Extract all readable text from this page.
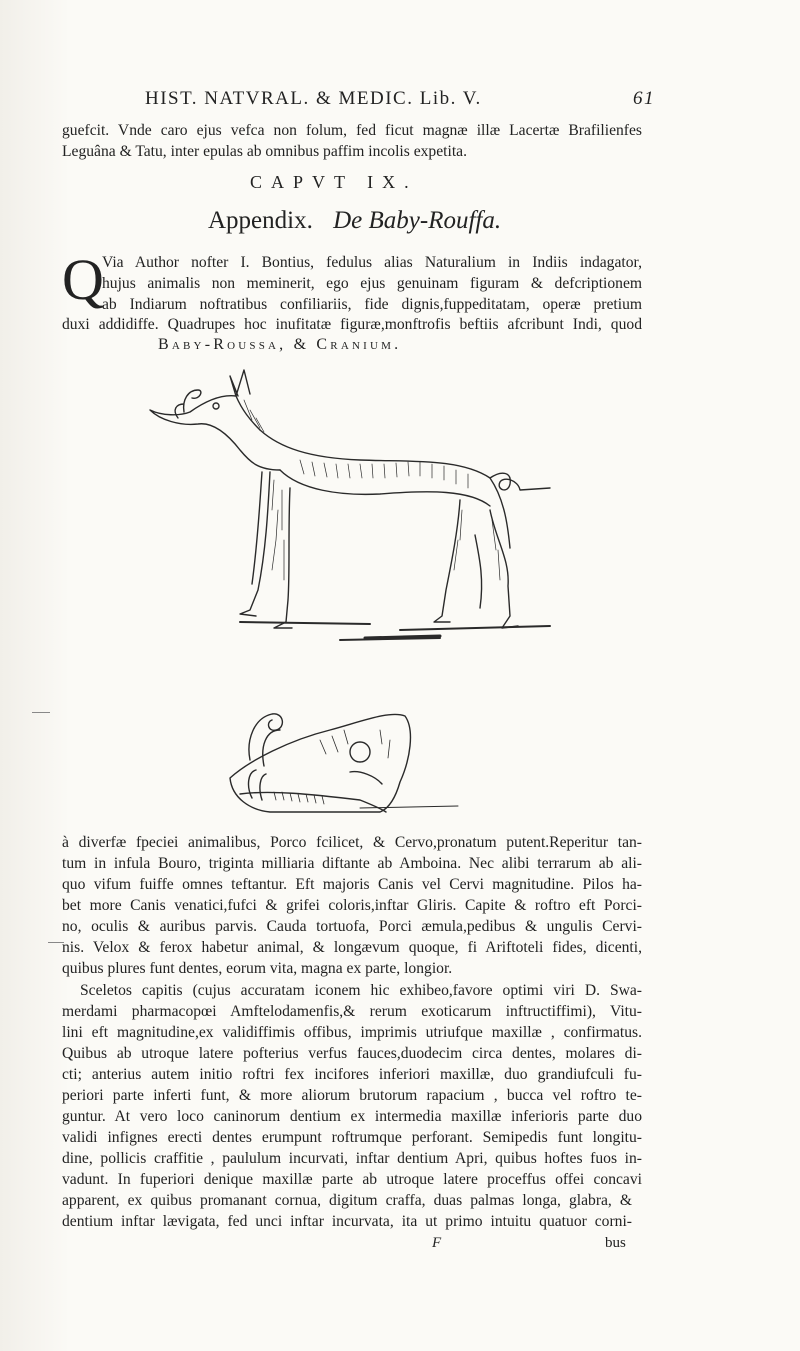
HIST. NATVRAL. & MEDIC. Lib. V.	61
guefcit. Vnde caro ejus vefca non folum, fed ficut magnæ illæ Lacertæ Brafilienfes
Leguâna & Tatu, inter epulas ab omnibus paffim incolis expetita.
CAPVT IX.
Appendix. De Baby-Rouffa.
Q
Via Author nofter I. Bontius, fedulus alias Naturalium in Indiis indagator,
hujus animalis non meminerit, ego ejus genuinam figuram & defcriptionem
ab Indiarum noftratibus confiliariis, fide dignis,fuppeditatam, operæ pretium
duxi addidiffe. Quadrupes hoc inufitatæ figuræ,monftrofis beftiis afcribunt Indi, quod
Baby-Roussa, & Cranium.
à diverfæ fpeciei animalibus, Porco fcilicet, & Cervo,pronatum putent.Reperitur tan-
tum in infula Bouro, triginta milliaria diftante ab Amboina. Nec alibi terrarum ab ali-
quo vifum fuiffe omnes teftantur. Eft majoris Canis vel Cervi magnitudine. Pilos ha-
bet more Canis venatici,fufci & grifei coloris,inftar Gliris. Capite & roftro eft Porci-
no, oculis & auribus parvis. Cauda tortuofa, Porci æmula,pedibus & ungulis Cervi-
nis. Velox & ferox habetur animal, & longævum quoque, fi Ariftoteli fides, dicenti,
quibus plures funt dentes, eorum vita, magna ex parte, longior.
Sceletos capitis (cujus accuratam iconem hic exhibeo,favore optimi viri D. Swa-
merdami pharmacopœi Amftelodamenfis,& rerum exoticarum inftructiffimi), Vitu-
lini eft magnitudine,ex validiffimis offibus, imprimis utriufque maxillæ , confirmatus.
Quibus ab utroque latere pofterius verfus fauces,duodecim circa dentes, molares di-
cti; anterius autem initio roftri fex incifores inferiori maxillæ, duo grandiufculi fu-
periori parte inferti funt, & more aliorum brutorum rapacium , bucca vel roftro te-
guntur. At vero loco caninorum dentium ex intermedia maxillæ inferioris parte duo
validi infignes erecti dentes erumpunt roftrumque perforant. Semipedis funt longitu-
dine, pollicis craffitie , paululum incurvati, inftar dentium Apri, quibus hoftes fuos in-
vadunt. In fuperiori denique maxillæ parte ab utroque latere proceffus offei concavi
apparent, ex quibus promanant cornua, digitum craffa, duas palmas longa, glabra, &
dentium inftar lævigata, fed unci inftar incurvata, ita ut primo intuitu quatuor corni-
F	bus
